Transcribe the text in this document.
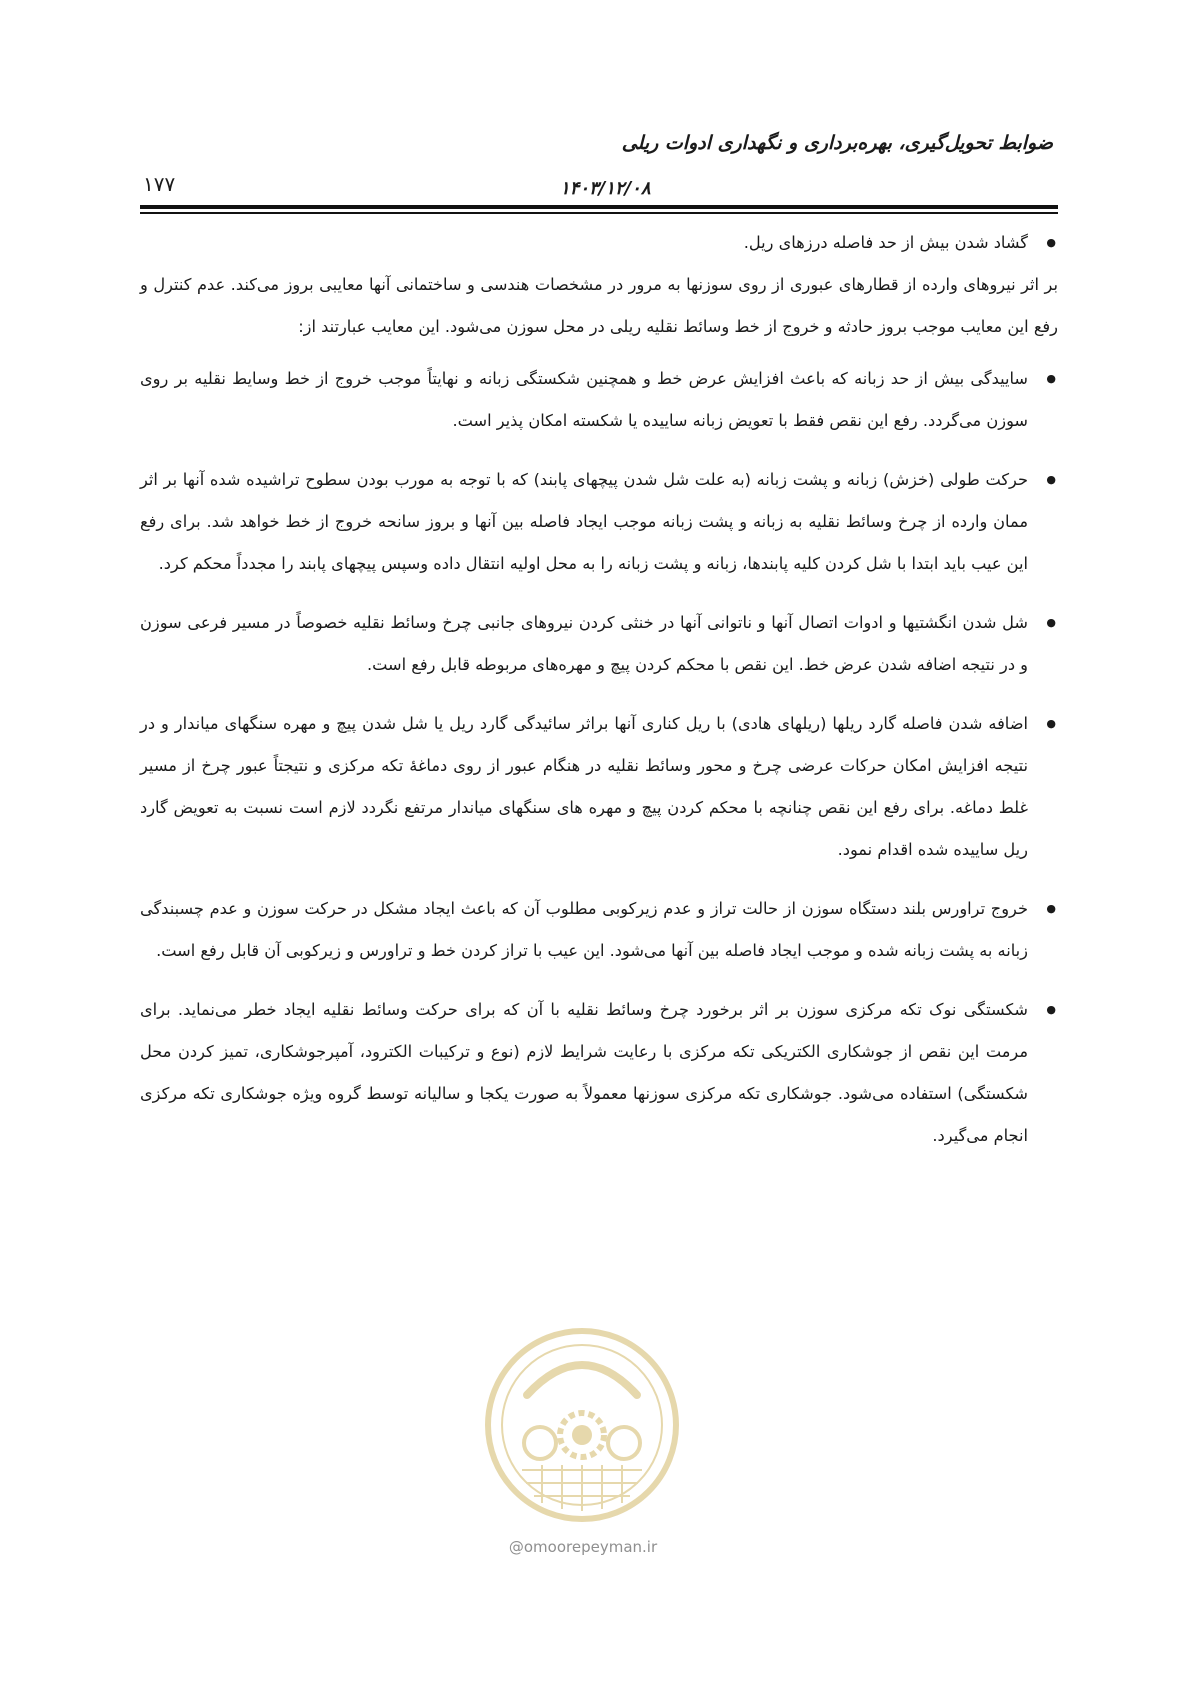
ضوابط تحویل‌گیری، بهره‌برداری و نگهداری ادوات ریلی
۱۷۷	۱۴۰۳/۱۲/۰۸
● گشاد شدن بیش از حد فاصله درزهای ریل.

بر اثر نیروهای وارده از قطارهای عبوری از روی سوزنها به مرور در مشخصات هندسی و ساختمانی آنها معایبی بروز می‌کند. عدم کنترل و رفع این معایب موجب بروز حادثه و خروج از خط وسائط نقلیه ریلی در محل سوزن می‌شود. این معایب عبارتند از:

● ساییدگی بیش از حد زبانه که باعث افزایش عرض خط و همچنین شکستگی زبانه و نهایتاً موجب خروج از خط وسایط نقلیه بر روی سوزن می‌گردد. رفع این نقص فقط با تعویض زبانه ساییده یا شکسته امکان پذیر است.
● حرکت طولی (خزش) زبانه و پشت زبانه (به علت شل شدن پیچهای پابند) که با توجه به مورب بودن سطوح تراشیده شده آنها بر اثر ممان وارده از چرخ وسائط نقلیه به زبانه و پشت زبانه موجب ایجاد فاصله بین آنها و بروز سانحه خروج از خط خواهد شد. برای رفع این عیب باید ابتدا با شل کردن کلیه پابندها، زبانه و پشت زبانه را به محل اولیه انتقال داده وسپس پیچهای پابند را مجدداً محکم کرد.
● شل شدن انگشتیها و ادوات اتصال آنها و ناتوانی آنها در خنثی کردن نیروهای جانبی چرخ وسائط نقلیه خصوصاً در مسیر فرعی سوزن و در نتیجه اضافه شدن عرض خط. این نقص با محکم کردن پیچ و مهره‌های مربوطه قابل رفع است.
● اضافه شدن فاصله گارد ریلها (ریلهای هادی) با ریل کناری آنها براثر سائیدگی گارد ریل یا شل شدن پیچ و مهره سنگهای میاندار و در نتیجه افزایش امکان حرکات عرضی چرخ و محور وسائط نقلیه در هنگام عبور از روی دماغهٔ تکه مرکزی و نتیجتاً عبور چرخ از مسیر غلط دماغه. برای رفع این نقص چنانچه با محکم کردن پیچ و مهره های سنگهای میاندار مرتفع نگردد لازم است نسبت به تعویض گارد ریل ساییده شده اقدام نمود.
● خروج تراورس بلند دستگاه سوزن از حالت تراز و عدم زیرکوبی مطلوب آن که باعث ایجاد مشکل در حرکت سوزن و عدم چسبندگی زبانه به پشت زبانه شده و موجب ایجاد فاصله بین آنها می‌شود. این عیب با تراز کردن خط و تراورس و زیرکوبی آن قابل رفع است.
● شکستگی نوک تکه مرکزی سوزن بر اثر برخورد چرخ وسائط نقلیه با آن که برای حرکت وسائط نقلیه ایجاد خطر می‌نماید. برای مرمت این نقص از جوشکاری الکتریکی تکه مرکزی با رعایت شرایط لازم (نوع و ترکیبات الکترود، آمپرجوشکاری، تمیز کردن محل شکستگی) استفاده می‌شود. جوشکاری تکه مرکزی سوزنها معمولاً به صورت یکجا و سالیانه توسط گروه ویژه جوشکاری تکه مرکزی انجام می‌گیرد.
@omoorepeyman.ir
